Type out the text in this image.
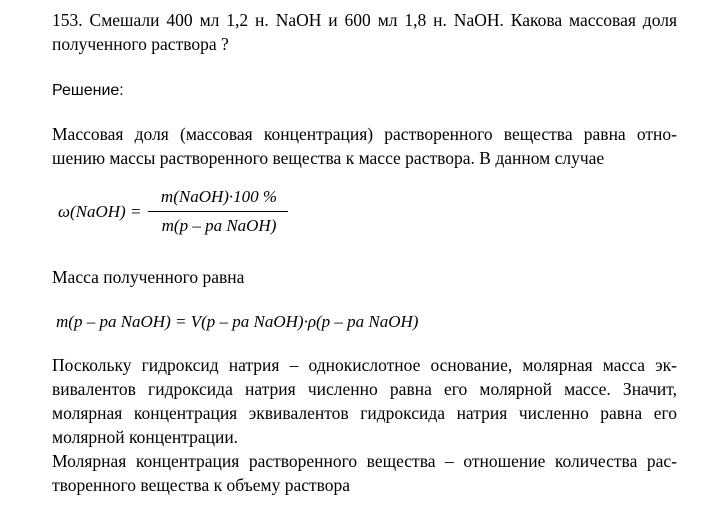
153. Смешали 400 мл 1,2 н. NaOH и 600 мл 1,8 н. NaOH. Какова массовая доля
полученного раствора ?
Решение:
Массовая доля (массовая концентрация) растворенного вещества равна отно-
шению массы растворенного вещества к массе раствора. В данном случае
ω(NaOH) =
m(NaOH)·100 %
m(p – pa NaOH)
Масса полученного равна
m(p – pa NaOH) = V(p – pa NaOH)·ρ(p – pa NaOH)
Поскольку гидроксид натрия – однокислотное основание, молярная масса эк-
вивалентов гидроксида натрия численно равна его молярной массе. Значит,
молярная концентрация эквивалентов гидроксида натрия численно равна его
молярной концентрации.
Молярная концентрация растворенного вещества – отношение количества рас-
творенного вещества к объему раствора
